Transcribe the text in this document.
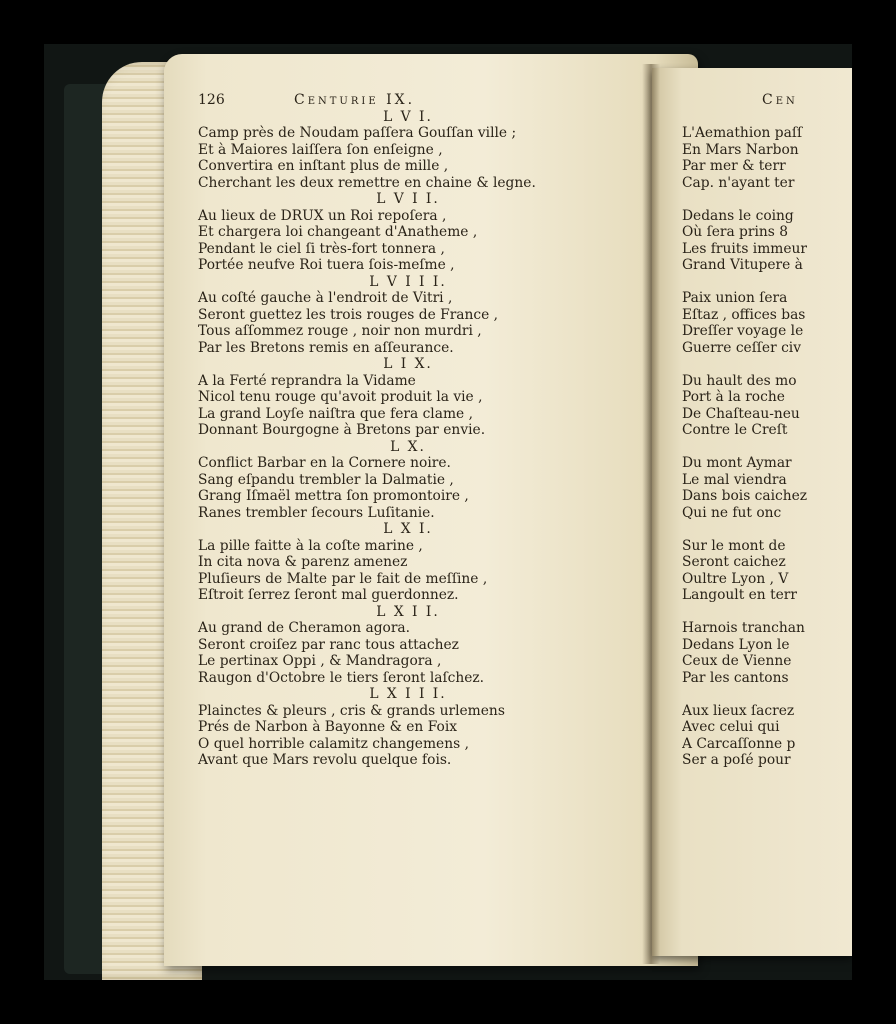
126	Centurie IX.
L V I.
Camp près de Noudam paſſera Gouſſan ville ;
Et à Maiores laiſſera ſon enſeigne ,
Convertira en inſtant plus de mille ,
Cherchant les deux remettre en chaine & legne.
L V I I.
Au lieux de DRUX un Roi repoſera ,
Et chargera loi changeant d'Anatheme ,
Pendant le ciel ſi très-fort tonnera ,
Portée neufve Roi tuera ſois-meſme ,
L V I I I.
Au coſté gauche à l'endroit de Vitri ,
Seront guettez les trois rouges de France ,
Tous aſſommez rouge , noir non murdri ,
Par les Bretons remis en aſſeurance.
L I X.
A la Ferté reprandra la Vidame
Nicol tenu rouge qu'avoit produit la vie ,
La grand Loyſe naiſtra que fera clame ,
Donnant Bourgogne à Bretons par envie.
L X.
Conflict Barbar en la Cornere noire.
Sang eſpandu trembler la Dalmatie ,
Grang Iſmaël mettra ſon promontoire ,
Ranes trembler ſecours Luſitanie.
L X I.
La pille faitte à la coſte marine ,
In cita nova & parenz amenez
Pluſieurs de Malte par le fait de meſſine ,
Eſtroit ſerrez ſeront mal guerdonnez.
L X I I.
Au grand de Cheramon agora.
Seront croiſez par ranc tous attachez
Le pertinax Oppi , & Mandragora ,
Raugon d'Octobre le tiers ſeront laſchez.
L X I I I.
Plainctes & pleurs , cris & grands urlemens
Prés de Narbon à Bayonne & en Foix
O quel horrible calamitz changemens ,
Avant que Mars revolu quelque fois.
Cen
L'Aemathion paſſ
En Mars Narbon
Par mer & terr
Cap. n'ayant ter
Dedans le coing
Où ſera prins 8
Les fruits immeur
Grand Vitupere à
Paix union ſera
Eſtaz , offices bas
Dreſſer voyage le
Guerre ceſſer civ
Du hault des mo
Port à la roche
De Chaſteau-neu
Contre le Creſt
Du mont Aymar
Le mal viendra
Dans bois caichez
Qui ne fut onc
Sur le mont de
Seront caichez
Oultre Lyon , V
Langoult en terr
Harnois tranchan
Dedans Lyon le
Ceux de Vienne
Par les cantons
Aux lieux ſacrez
Avec celui qui
A Carcaſſonne p
Ser a poſé pour
